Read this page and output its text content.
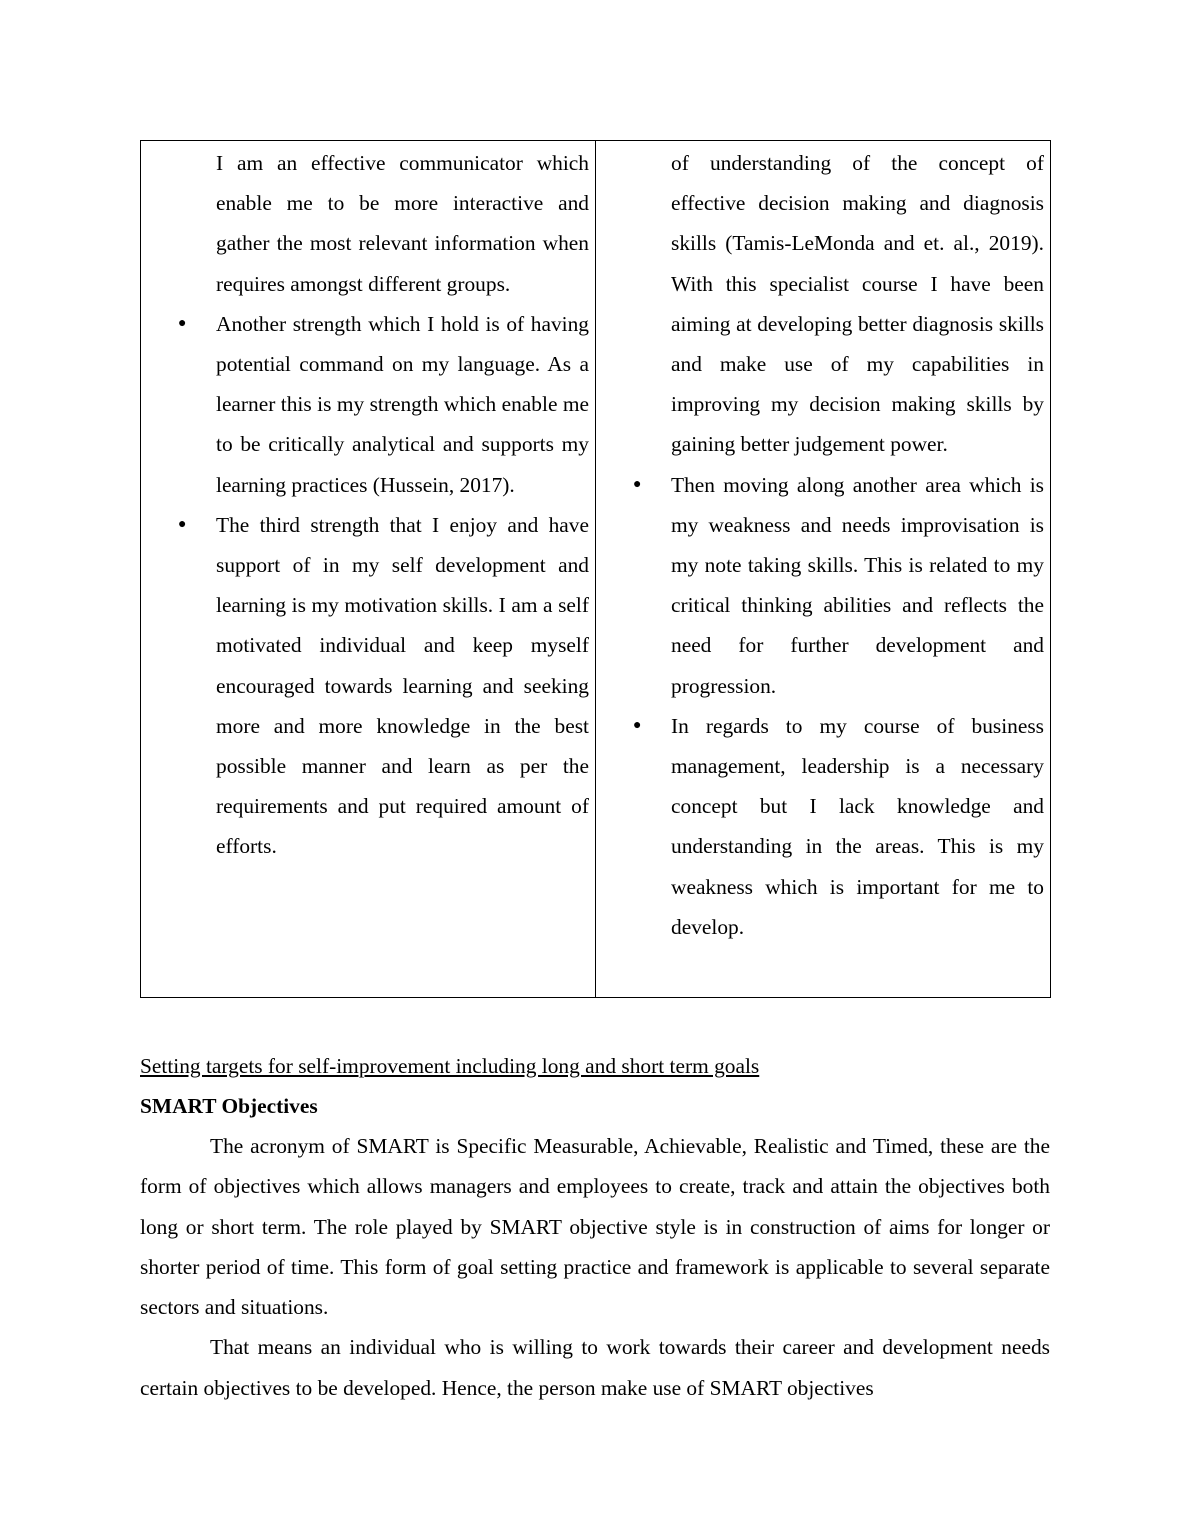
I am an effective communicator which enable me to be more interactive and gather the most relevant information when requires amongst different groups.
●	Another strength which I hold is of having potential command on my language. As a learner this is my strength which enable me to be critically analytical and supports my learning practices (Hussein, 2017).
●	The third strength that I enjoy and have support of in my self development and learning is my motivation skills. I am a self motivated individual and keep myself encouraged towards learning and seeking more and more knowledge in the best possible manner and learn as per the requirements and put required amount of efforts.

of understanding of the concept of effective decision making and diagnosis skills (Tamis-LeMonda and et. al., 2019). With this specialist course I have been aiming at developing better diagnosis skills and make use of my capabilities in improving my decision making skills by gaining better judgement power.
●	Then moving along another area which is my weakness and needs improvisation is my note taking skills. This is related to my critical thinking abilities and reflects the need for further development and progression.
●	In regards to my course of business management, leadership is a necessary concept but I lack knowledge and understanding in the areas. This is my weakness which is important for me to develop.
Setting targets for self-improvement including long and short term goals
SMART Objectives

The acronym of SMART is Specific Measurable, Achievable, Realistic and Timed, these are the form of objectives which allows managers and employees to create, track and attain the objectives both long or short term. The role played by SMART objective style is in construction of aims for longer or shorter period of time. This form of goal setting practice and framework is applicable to several separate sectors and situations.

That means an individual who is willing to work towards their career and development needs certain objectives to be developed. Hence, the person make use of SMART objectives
